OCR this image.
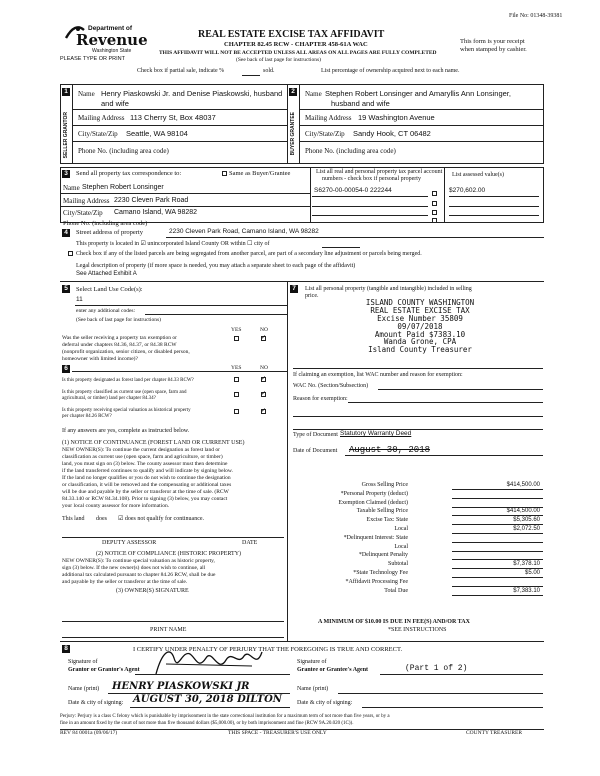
File No: 01348-39381
Department of
Revenue
Washington State
PLEASE TYPE OR PRINT
REAL ESTATE EXCISE TAX AFFIDAVIT
CHAPTER 82.45 RCW - CHAPTER 458-61A WAC
THIS AFFIDAVIT WILL NOT BE ACCEPTED UNLESS ALL AREAS ON ALL PAGES ARE FULLY COMPLETED
(See back of last page for instructions)
This form is your receipt
when stamped by cashier.
Check box if partial sale, indicate %	sold.	List percentage of ownership acquired next to each name.
1
SELLER GRANTOR
Name Henry Piaskowski Jr. and Denise Piaskowski, husband
and wife
Mailing Address 113 Cherry St, Box 48037
City/State/Zip Seattle, WA 98104
Phone No. (including area code)
2
BUYER GRANTEE
Name Stephen Robert Lonsinger and Amaryllis Ann Lonsinger,
husband and wife
Mailing Address 19 Washington Avenue
City/State/Zip Sandy Hook, CT 06482
Phone No. (including area code)
3	Send all property tax correspondence to:	Same as Buyer/Grantee
Name Stephen Robert Lonsinger
Mailing Address 2230 Cleven Park Road
City/State/Zip Camano Island, WA 98282
Phone No. (including area code)
List all real and personal property tax parcel account
numbers - check box if personal property
List assessed value(s)
S6270-00-00054-0 222244	$270,602.00
4	Street address of property	2230 Cleven Park Road, Camano Island, WA 98282
This property is located in ☑ unincorporated Island County OR within ☐ city of
Check box if any of the listed parcels are being segregated from another parcel, are part of a secondary line adjustment or parcels being merged.
Legal description of property (if more space is needed, you may attach a separate sheet to each page of the affidavit)
See Attached Exhibit A
5	Select Land Use Code(s):
11
enter any additional codes:
(See back of last page for instructions)
YES	NO
Was the seller receiving a property tax exemption or
deferral under chapters 84.36, 84.37, or 84.38 RCW
(nonprofit organization, senior citizen, or disabled person,
homeowner with limited income)?
✓
6	YES	NO
Is this property designated as forest land per chapter 84.33 RCW?	✓
Is this property classified as current use (open space, farm and
agricultural, or timber) land per chapter 84.34?
✓
Is this property receiving special valuation as historical property
per chapter 84.26 RCW?
✓
If any answers are yes, complete as instructed below.
(1) NOTICE OF CONTINUANCE (FOREST LAND OR CURRENT USE)
NEW OWNER(S): To continue the current designation as forest land or
classification as current use (open space, farm and agriculture, or timber)
land, you must sign on (3) below. The county assessor must then determine
if the land transferred continues to qualify and will indicate by signing below.
If the land no longer qualifies or you do not wish to continue the designation
or classification, it will be removed and the compensating or additional taxes
will be due and payable by the seller or transferor at the time of sale. (RCW
84.33.140 or RCW 84.34.108). Prior to signing (3) below, you may contact
your local county assessor for more information.
This land does ☑ does not qualify for continuance.
DEPUTY ASSESSOR	DATE
(2) NOTICE OF COMPLIANCE (HISTORIC PROPERTY)
NEW OWNER(S): To continue special valuation as historic property,
sign (3) below. If the new owner(s) does not wish to continue, all
additional tax calculated pursuant to chapter 84.26 RCW, shall be due
and payable by the seller or transferor at the time of sale.
(3) OWNER(S) SIGNATURE
PRINT NAME
7	List all personal property (tangible and intangible) included in selling
price.
ISLAND COUNTY WASHINGTON
REAL ESTATE EXCISE TAX
Excise Number 35809
09/07/2018
Amount Paid $7383.10
Wanda Grone, CPA
Island County Treasurer
If claiming an exemption, list WAC number and reason for exemption:
WAC No. (Section/Subsection)
Reason for exemption:
Type of Document Statutory Warranty Deed
Date of Document August 30, 2018
Gross Selling Price	$414,500.00
*Personal Property (deduct)
Exemption Claimed (deduct)
Taxable Selling Price	$414,500.00
Excise Tax: State	$5,305.60
Local	$2,072.50
*Delinquent Interest: State
Local
*Delinquent Penalty
Subtotal	$7,378.10
*State Technology Fee	$5.00
*Affidavit Processing Fee
Total Due	$7,383.10
A MINIMUM OF $10.00 IS DUE IN FEE(S) AND/OR TAX
*SEE INSTRUCTIONS
8	I CERTIFY UNDER PENALTY OF PERJURY THAT THE FOREGOING IS TRUE AND CORRECT.
Signature of
Grantor or Grantor's Agent
Signature of
Grantee or Grantee's Agent	(Part 1 of 2)
Name (print) HENRY PIASKOWSKI JR	Name (print)
Date & city of signing: AUGUST 30, 2018 DILTON	Date & city of signing:
Perjury: Perjury is a class C felony which is punishable by imprisonment in the state correctional institution for a maximum term of not more than five years, or by a
fine in an amount fixed by the court of not more than five thousand dollars ($5,000.00), or by both imprisonment and fine (RCW 9A.20.020 (1C)).
REV 84 0001a (09/06/17)	THIS SPACE - TREASURER'S USE ONLY	COUNTY TREASURER
